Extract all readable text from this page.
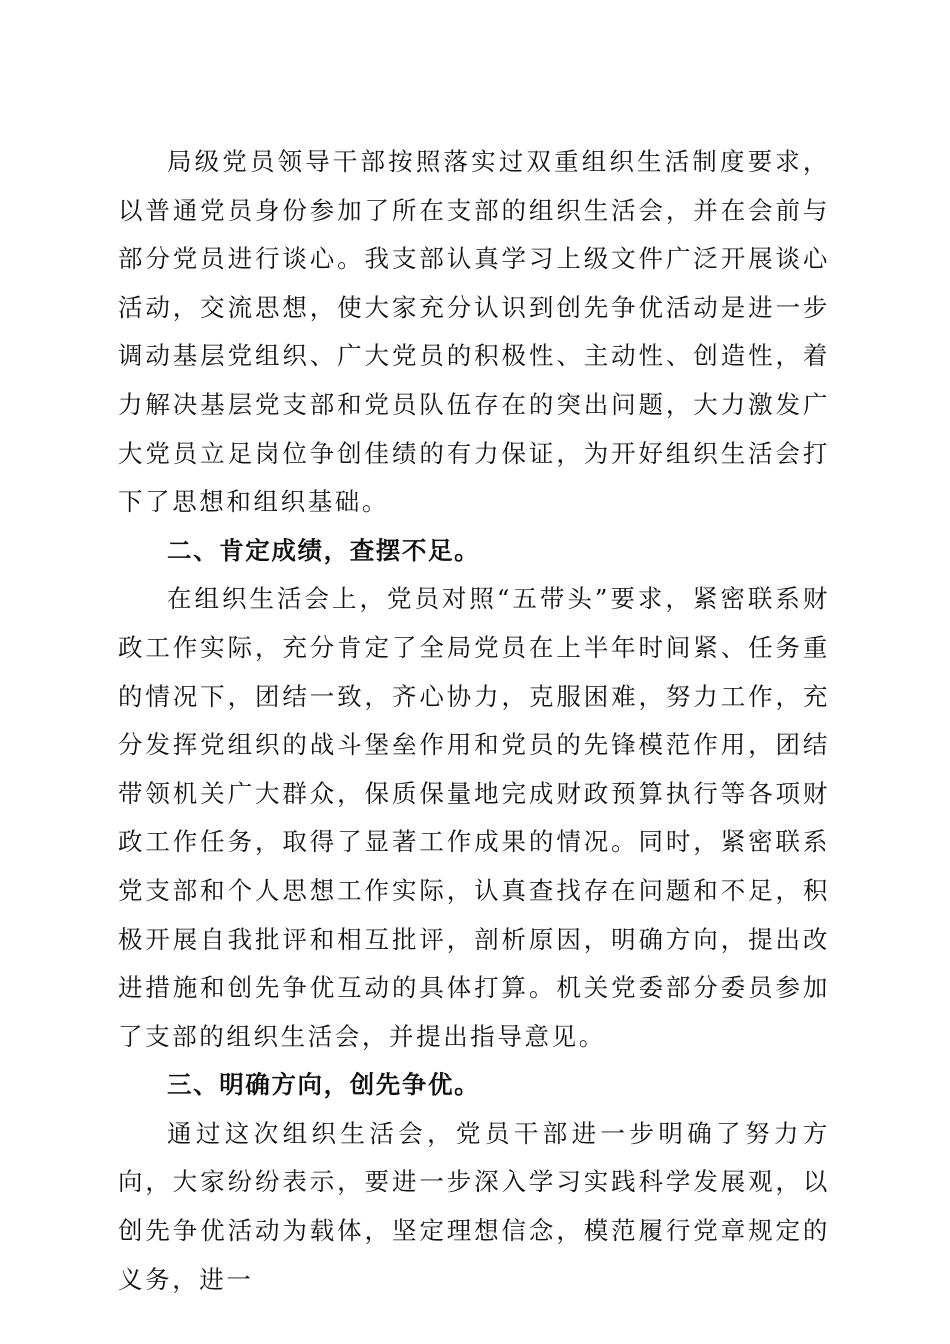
局级党员领导干部按照落实过双重组织生活制度要求，以普通党员身份参加了所在支部的组织生活会，并在会前与部分党员进行谈心。我支部认真学习上级文件广泛开展谈心活动，交流思想，使大家充分认识到创先争优活动是进一步调动基层党组织、广大党员的积极性、主动性、创造性，着力解决基层党支部和党员队伍存在的突出问题，大力激发广大党员立足岗位争创佳绩的有力保证，为开好组织生活会打下了思想和组织基础。

二、肯定成绩，查摆不足。

在组织生活会上，党员对照“五带头”要求，紧密联系财政工作实际，充分肯定了全局党员在上半年时间紧、任务重的情况下，团结一致，齐心协力，克服困难，努力工作，充分发挥党组织的战斗堡垒作用和党员的先锋模范作用，团结带领机关广大群众，保质保量地完成财政预算执行等各项财政工作任务，取得了显著工作成果的情况。同时，紧密联系党支部和个人思想工作实际，认真查找存在问题和不足，积极开展自我批评和相互批评，剖析原因，明确方向，提出改进措施和创先争优互动的具体打算。机关党委部分委员参加了支部的组织生活会，并提出指导意见。

三、明确方向，创先争优。

通过这次组织生活会，党员干部进一步明确了努力方向，大家纷纷表示，要进一步深入学习实践科学发展观，以创先争优活动为载体，坚定理想信念，模范履行党章规定的义务，进一
